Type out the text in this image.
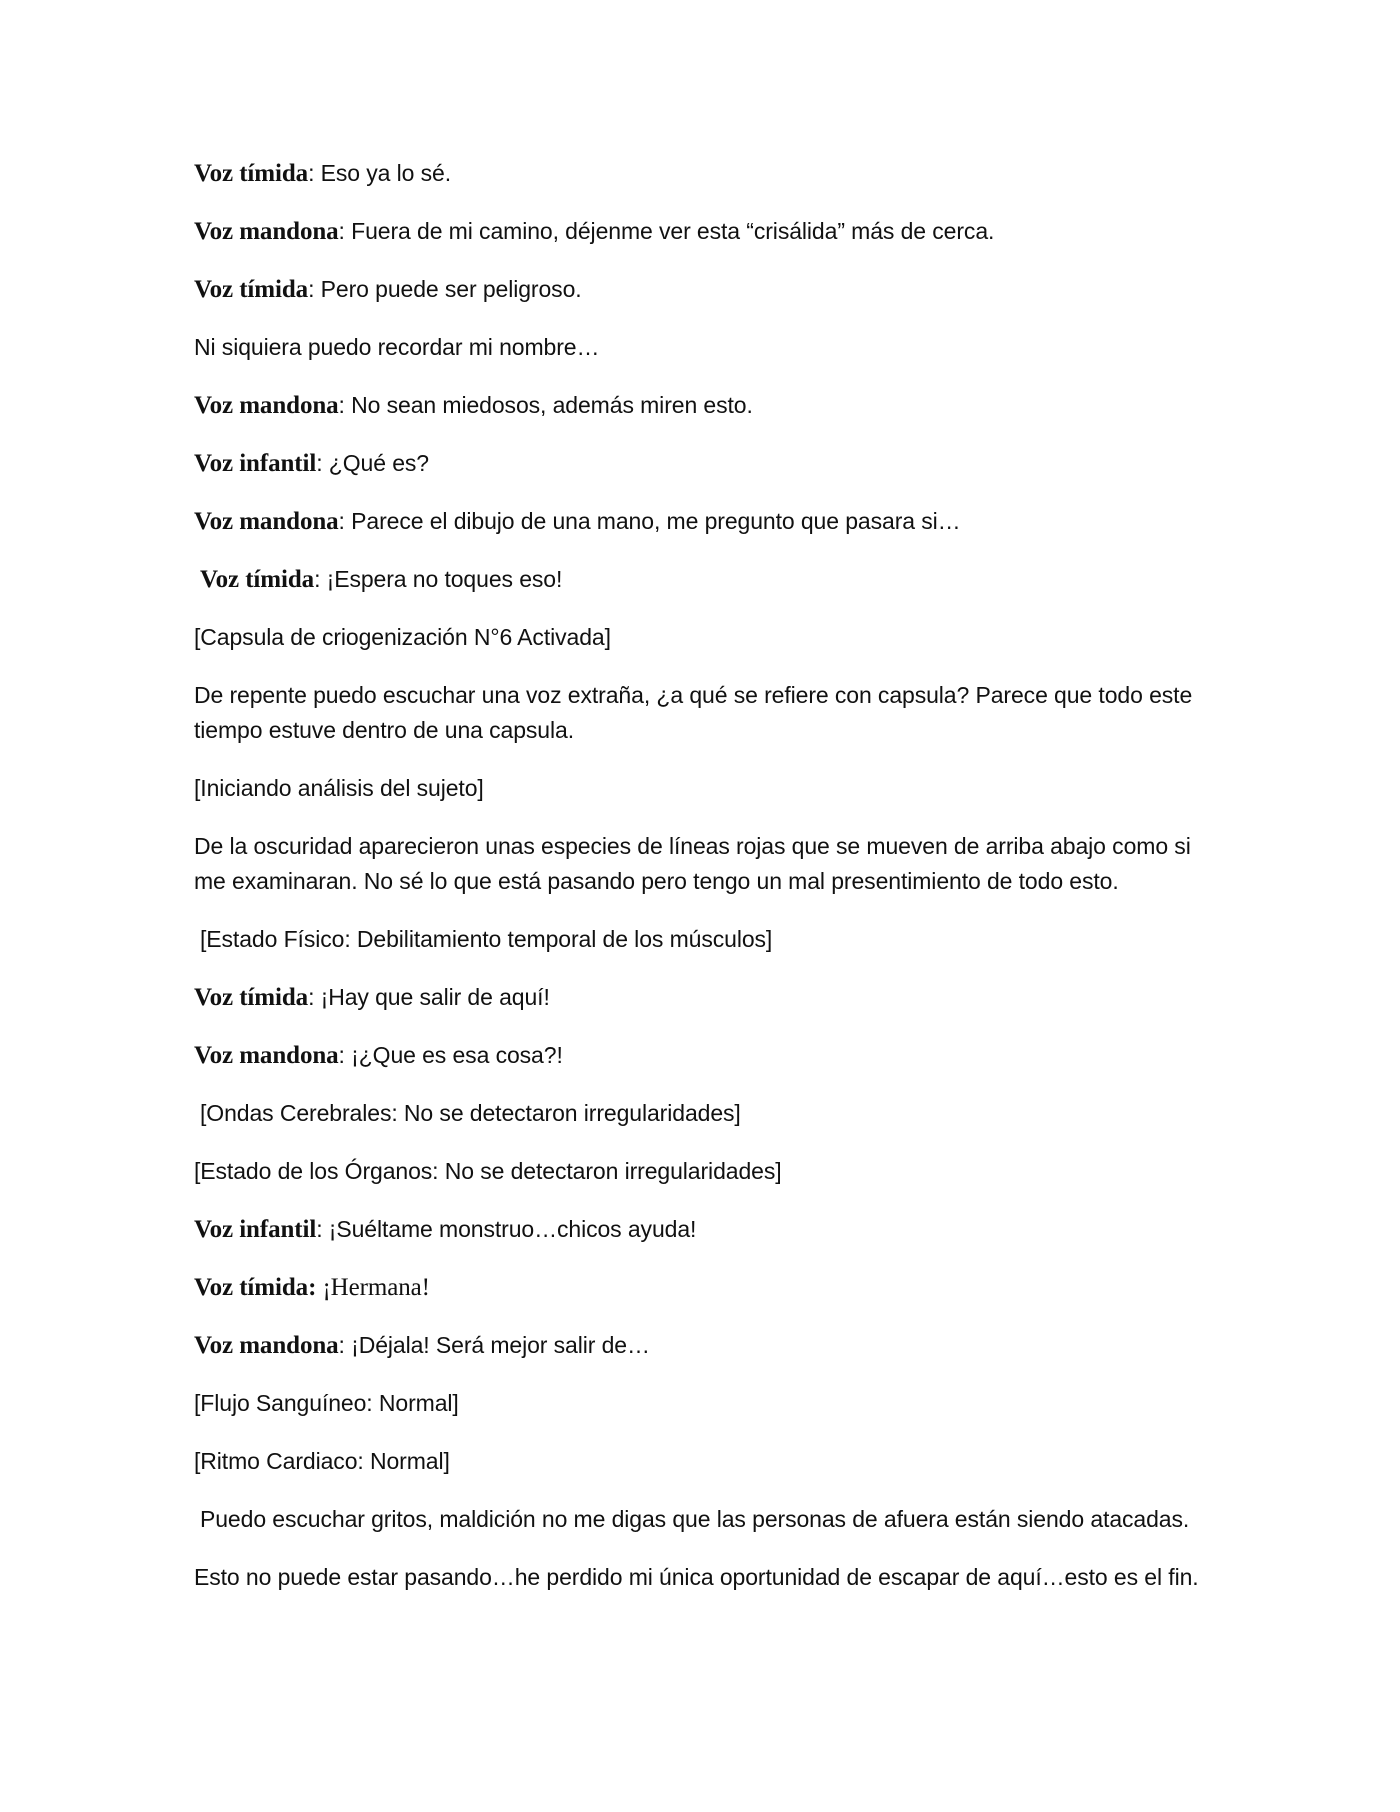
Voz tímida: Eso ya lo sé.

Voz mandona: Fuera de mi camino, déjenme ver esta “crisálida” más de cerca.

Voz tímida: Pero puede ser peligroso.

Ni siquiera puedo recordar mi nombre…

Voz mandona: No sean miedosos, además miren esto.

Voz infantil: ¿Qué es?

Voz mandona: Parece el dibujo de una mano, me pregunto que pasara si…

Voz tímida: ¡Espera no toques eso!

[Capsula de criogenización N°6 Activada]

De repente puedo escuchar una voz extraña, ¿a qué se refiere con capsula? Parece que todo este tiempo estuve dentro de una capsula.

[Iniciando análisis del sujeto]

De la oscuridad aparecieron unas especies de líneas rojas que se mueven de arriba abajo como si me examinaran. No sé lo que está pasando pero tengo un mal presentimiento de todo esto.

[Estado Físico: Debilitamiento temporal de los músculos]

Voz tímida: ¡Hay que salir de aquí!

Voz mandona: ¡¿Que es esa cosa?!

[Ondas Cerebrales: No se detectaron irregularidades]

[Estado de los Órganos: No se detectaron irregularidades]

Voz infantil: ¡Suéltame monstruo…chicos ayuda!

Voz tímida: ¡Hermana!

Voz mandona: ¡Déjala! Será mejor salir de…

[Flujo Sanguíneo: Normal]

[Ritmo Cardiaco: Normal]

Puedo escuchar gritos, maldición no me digas que las personas de afuera están siendo atacadas.

Esto no puede estar pasando…he perdido mi única oportunidad de escapar de aquí…esto es el fin.
